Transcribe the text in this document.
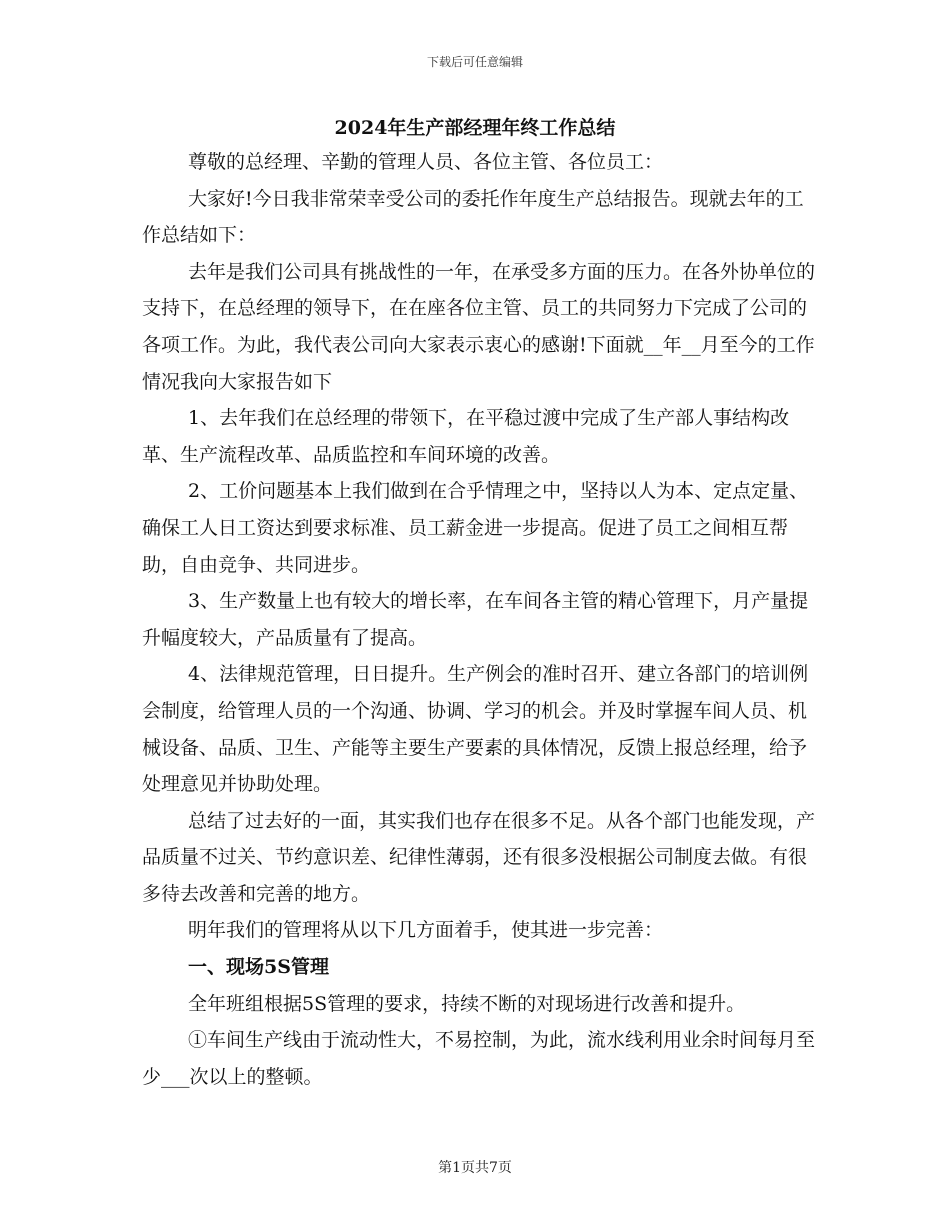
下载后可任意编辑
2024年生产部经理年终工作总结

尊敬的总经理、辛勤的管理人员、各位主管、各位员工：

大家好!今日我非常荣幸受公司的委托作年度生产总结报告。现就去年的工作总结如下：

去年是我们公司具有挑战性的一年，在承受多方面的压力。在各外协单位的支持下，在总经理的领导下，在在座各位主管、员工的共同努力下完成了公司的各项工作。为此，我代表公司向大家表示衷心的感谢!下面就__年__月至今的工作情况我向大家报告如下

1、去年我们在总经理的带领下，在平稳过渡中完成了生产部人事结构改革、生产流程改革、品质监控和车间环境的改善。

2、工价问题基本上我们做到在合乎情理之中，坚持以人为本、定点定量、确保工人日工资达到要求标准、员工薪金进一步提高。促进了员工之间相互帮助，自由竞争、共同进步。

3、生产数量上也有较大的增长率，在车间各主管的精心管理下，月产量提升幅度较大，产品质量有了提高。

4、法律规范管理，日日提升。生产例会的准时召开、建立各部门的培训例会制度，给管理人员的一个沟通、协调、学习的机会。并及时掌握车间人员、机械设备、品质、卫生、产能等主要生产要素的具体情况，反馈上报总经理，给予处理意见并协助处理。

总结了过去好的一面，其实我们也存在很多不足。从各个部门也能发现，产品质量不过关、节约意识差、纪律性薄弱，还有很多没根据公司制度去做。有很多待去改善和完善的地方。

明年我们的管理将从以下几方面着手，使其进一步完善：

一、现场5S管理

全年班组根据5S管理的要求，持续不断的对现场进行改善和提升。

①车间生产线由于流动性大，不易控制，为此，流水线利用业余时间每月至少___次以上的整顿。

第1页共7页
